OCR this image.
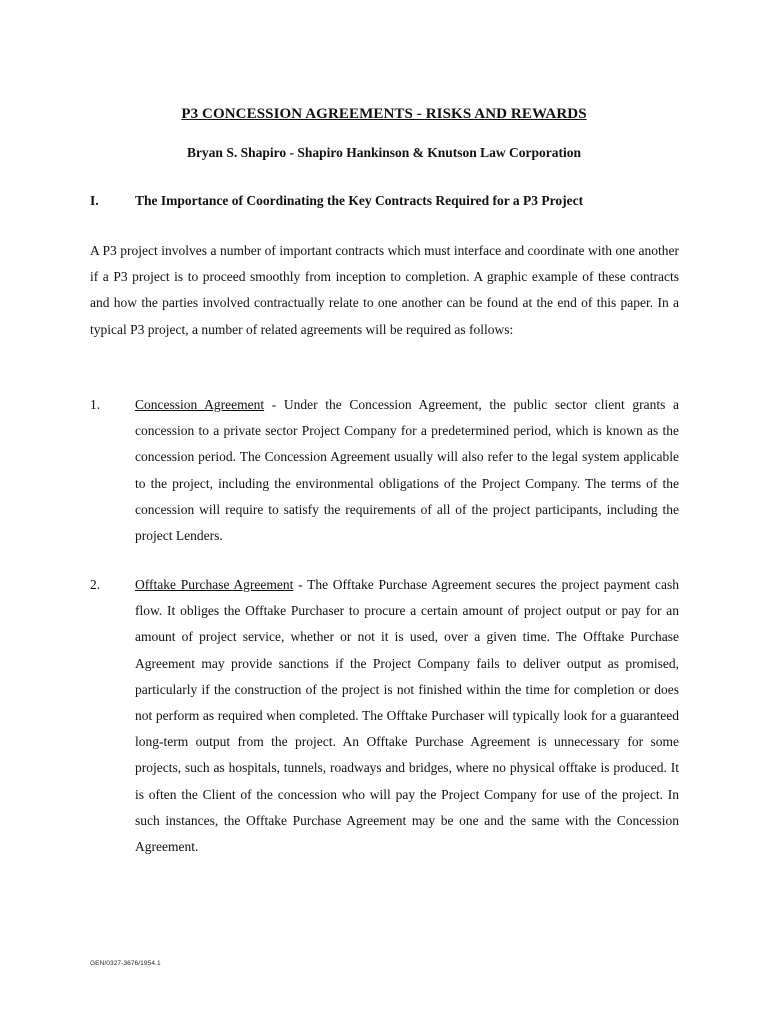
P3 CONCESSION AGREEMENTS - RISKS AND REWARDS
Bryan S. Shapiro - Shapiro Hankinson & Knutson Law Corporation
I.	The Importance of Coordinating the Key Contracts Required for a P3 Project
A P3 project involves a number of important contracts which must interface and coordinate with one another if a P3 project is to proceed smoothly from inception to completion. A graphic example of these contracts and how the parties involved contractually relate to one another can be found at the end of this paper. In a typical P3 project, a number of related agreements will be required as follows:
1.	Concession Agreement - Under the Concession Agreement, the public sector client grants a concession to a private sector Project Company for a predetermined period, which is known as the concession period. The Concession Agreement usually will also refer to the legal system applicable to the project, including the environmental obligations of the Project Company. The terms of the concession will require to satisfy the requirements of all of the project participants, including the project Lenders.
2.	Offtake Purchase Agreement - The Offtake Purchase Agreement secures the project payment cash flow. It obliges the Offtake Purchaser to procure a certain amount of project output or pay for an amount of project service, whether or not it is used, over a given time. The Offtake Purchase Agreement may provide sanctions if the Project Company fails to deliver output as promised, particularly if the construction of the project is not finished within the time for completion or does not perform as required when completed. The Offtake Purchaser will typically look for a guaranteed long-term output from the project. An Offtake Purchase Agreement is unnecessary for some projects, such as hospitals, tunnels, roadways and bridges, where no physical offtake is produced. It is often the Client of the concession who will pay the Project Company for use of the project. In such instances, the Offtake Purchase Agreement may be one and the same with the Concession Agreement.
GEN/0327-3676/1954.1
